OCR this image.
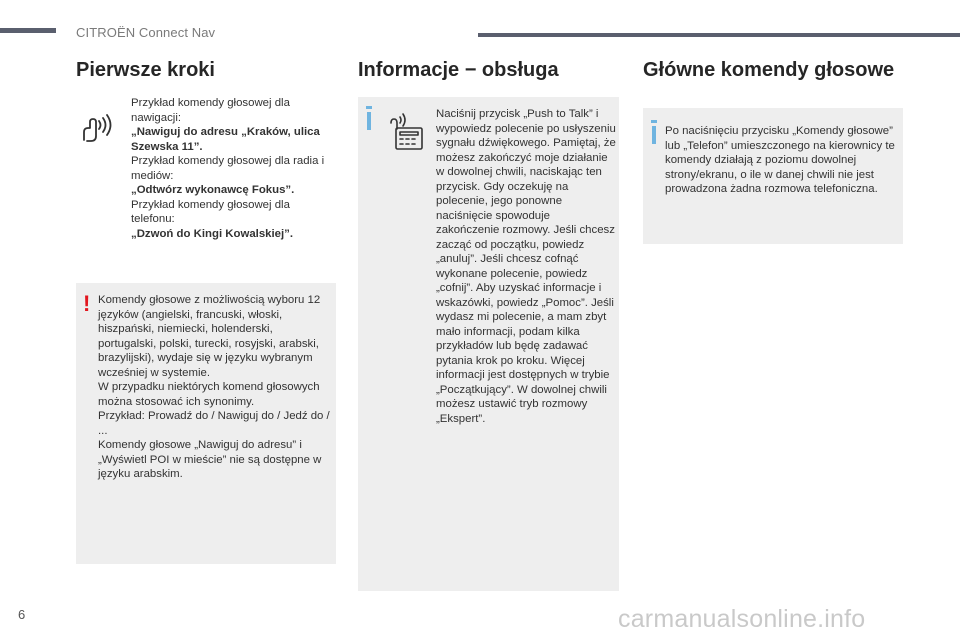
CITROËN Connect Nav
Pierwsze kroki

Przykład komendy głosowej dla nawigacji:

„Nawiguj do adresu „Kraków, ulica Szewska 11”.

Przykład komendy głosowej dla radia i mediów:

„Odtwórz wykonawcę Fokus”.

Przykład komendy głosowej dla telefonu:

„Dzwoń do Kingi Kowalskiej”.

! Komendy głosowe z możliwością wyboru 12 języków (angielski, francuski, włoski, hiszpański, niemiecki, holenderski, portugalski, polski, turecki, rosyjski, arabski, brazylijski), wydaje się w języku wybranym wcześniej w systemie.

W przypadku niektórych komend głosowych można stosować ich synonimy.

Przykład: Prowadź do / Nawiguj do / Jedź do / ...

Komendy głosowe „Nawiguj do adresu” i „Wyświetl POI w mieście” nie są dostępne w języku arabskim.

Informacje − obsługa
Naciśnij przycisk „Push to Talk” i wypowiedz polecenie po usłyszeniu sygnału dźwiękowego. Pamiętaj, że możesz zakończyć moje działanie w dowolnej chwili, naciskając ten przycisk. Gdy oczekuję na polecenie, jego ponowne naciśnięcie spowoduje zakończenie rozmowy. Jeśli chcesz zacząć od początku, powiedz „anuluj”. Jeśli chcesz cofnąć wykonane polecenie, powiedz „cofnij”. Aby uzyskać informacje i wskazówki, powiedz „Pomoc”. Jeśli wydasz mi polecenie, a mam zbyt mało informacji, podam kilka przykładów lub będę zadawać pytania krok po kroku. Więcej informacji jest dostępnych w trybie „Początkujący”. W dowolnej chwili możesz ustawić tryb rozmowy „Ekspert”.
Główne komendy głosowe
Po naciśnięciu przycisku „Komendy głosowe” lub „Telefon” umieszczonego na kierownicy te komendy działają z poziomu dowolnej strony/ekranu, o ile w danej chwili nie jest prowadzona żadna rozmowa telefoniczna.
6	carmanualsonline.info
